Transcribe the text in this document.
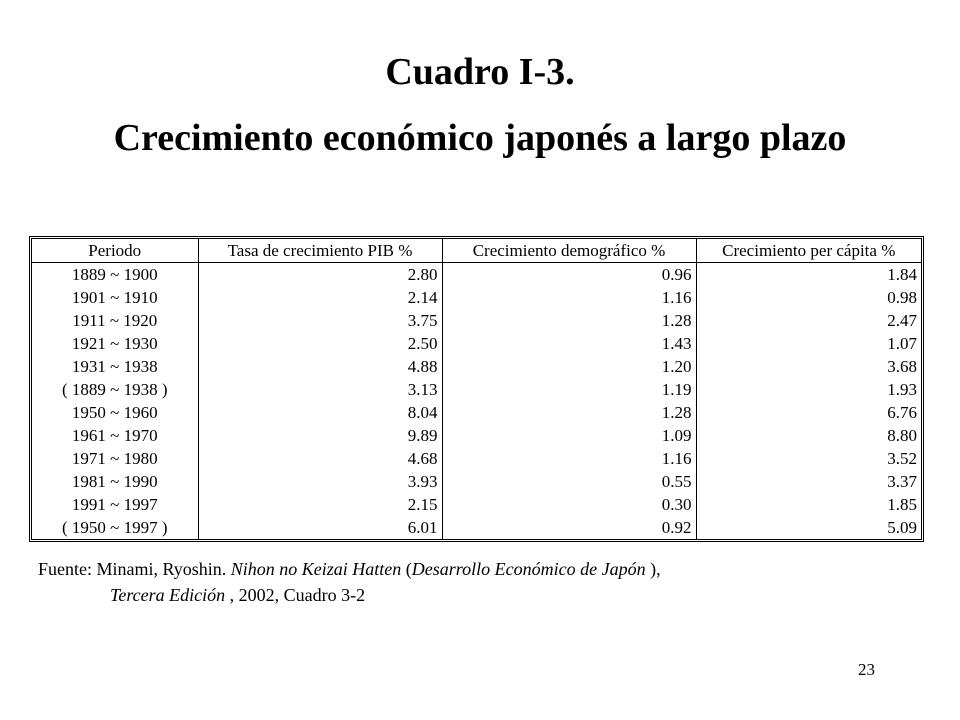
Cuadro I-3.
Crecimiento económico japonés a largo plazo
Periodo	Tasa de crecimiento PIB %	Crecimiento demográfico %	Crecimiento per cápita %
1889 ~ 1900	2.80	0.96	1.84
1901 ~ 1910	2.14	1.16	0.98
1911 ~ 1920	3.75	1.28	2.47
1921 ~ 1930	2.50	1.43	1.07
1931 ~ 1938	4.88	1.20	3.68
( 1889 ~ 1938 )	3.13	1.19	1.93
1950 ~ 1960	8.04	1.28	6.76
1961 ~ 1970	9.89	1.09	8.80
1971 ~ 1980	4.68	1.16	3.52
1981 ~ 1990	3.93	0.55	3.37
1991 ~ 1997	2.15	0.30	1.85
( 1950 ~ 1997 )	6.01	0.92	5.09
Fuente: Minami, Ryoshin. Nihon no Keizai Hatten (Desarrollo Económico de Japón ),
Tercera Edición , 2002, Cuadro 3-2
23
